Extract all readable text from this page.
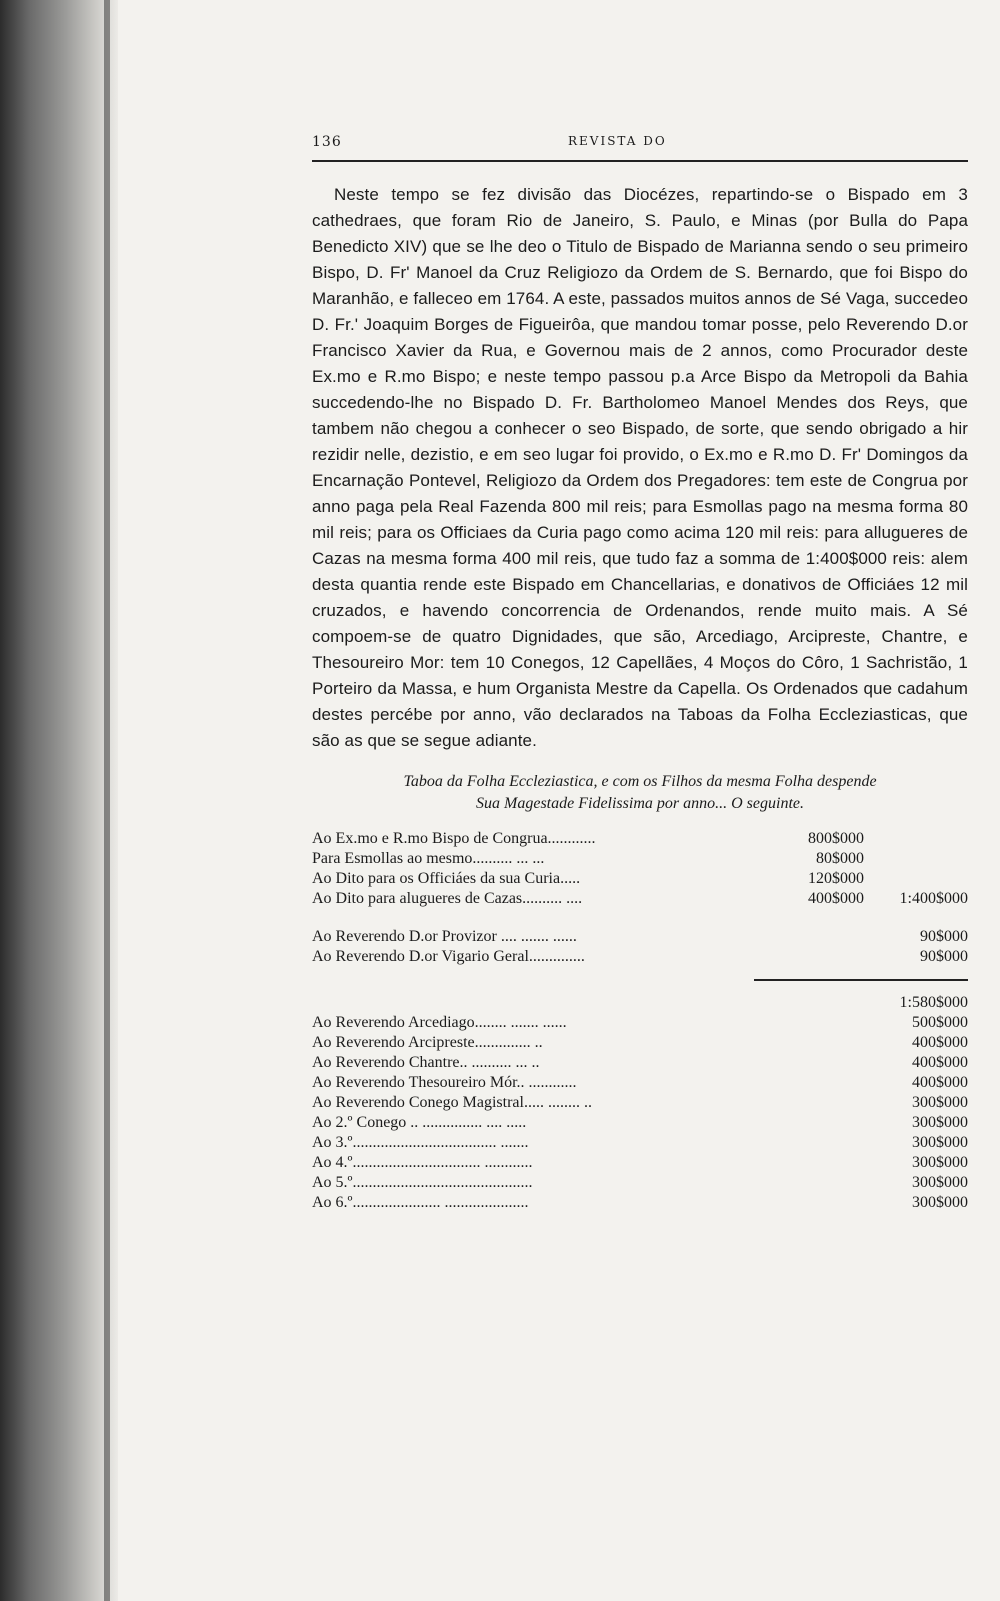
136	REVISTA DO

Neste tempo se fez divisão das Diocézes, repartindo-se o Bispado em 3 cathedraes, que foram Rio de Janeiro, S. Paulo, e Minas (por Bulla do Papa Benedicto XIV) que se lhe deo o Titulo de Bispado de Marianna sendo o seu primeiro Bispo, D. Fr' Manoel da Cruz Religiozo da Ordem de S. Bernardo, que foi Bispo do Maranhão, e falleceo em 1764. A este, passados muitos annos de Sé Vaga, succedeo D. Fr.' Joaquim Borges de Figueirôa, que mandou tomar posse, pelo Reverendo D.or Francisco Xavier da Rua, e Governou mais de 2 annos, como Procurador deste Ex.mo e R.mo Bispo; e neste tempo passou p.a Arce Bispo da Metropoli da Bahia succedendo-lhe no Bispado D. Fr. Bartholomeo Manoel Mendes dos Reys, que tambem não chegou a conhecer o seo Bispado, de sorte, que sendo obrigado a hir rezidir nelle, dezistio, e em seo lugar foi provido, o Ex.mo e R.mo D. Fr' Domingos da Encarnação Pontevel, Religiozo da Ordem dos Pregadores: tem este de Congrua por anno paga pela Real Fazenda 800 mil reis; para Esmollas pago na mesma forma 80 mil reis; para os Officiaes da Curia pago como acima 120 mil reis: para allugueres de Cazas na mesma forma 400 mil reis, que tudo faz a somma de 1:400$000 reis: alem desta quantia rende este Bispado em Chancellarias, e donativos de Officiáes 12 mil cruzados, e havendo concorrencia de Ordenandos, rende muito mais. A Sé compoem-se de quatro Dignidades, que são, Arcediago, Arcipreste, Chantre, e Thesoureiro Mor: tem 10 Conegos, 12 Capellães, 4 Moços do Côro, 1 Sachristão, 1 Porteiro da Massa, e hum Organista Mestre da Capella. Os Ordenados que cadahum destes percébe por anno, vão declarados na Taboas da Folha Eccleziasticas, que são as que se segue adiante.

Taboa da Folha Eccleziastica, e com os Filhos da mesma Folha despende
Sua Magestade Fidelissima por anno... O seguinte.
Ao Ex.mo e R.mo Bispo de Congrua............	800$000
Para Esmollas ao mesmo.......... ... ...	80$000
Ao Dito para os Officiáes da sua Curia.....	120$000
Ao Dito para alugueres de Cazas.......... ....	400$000 1:400$000
Ao Reverendo D.or Provizor .... ....... ......	90$000
Ao Reverendo D.or Vigario Geral..............	90$000
1:580$000
Ao Reverendo Arcediago........ ....... ......	500$000
Ao Reverendo Arcipreste.............. ..	400$000
Ao Reverendo Chantre.. .......... ... ..	400$000
Ao Reverendo Thesoureiro Mór.. ............	400$000
Ao Reverendo Conego Magistral..... ........ ..	300$000
Ao 2.º Conego .. ............... .... .....	300$000
Ao 3.º.................................... .......	300$000
Ao 4.º................................ ............	300$000
Ao 5.º.............................................	300$000
Ao 6.º...................... .....................	300$000
